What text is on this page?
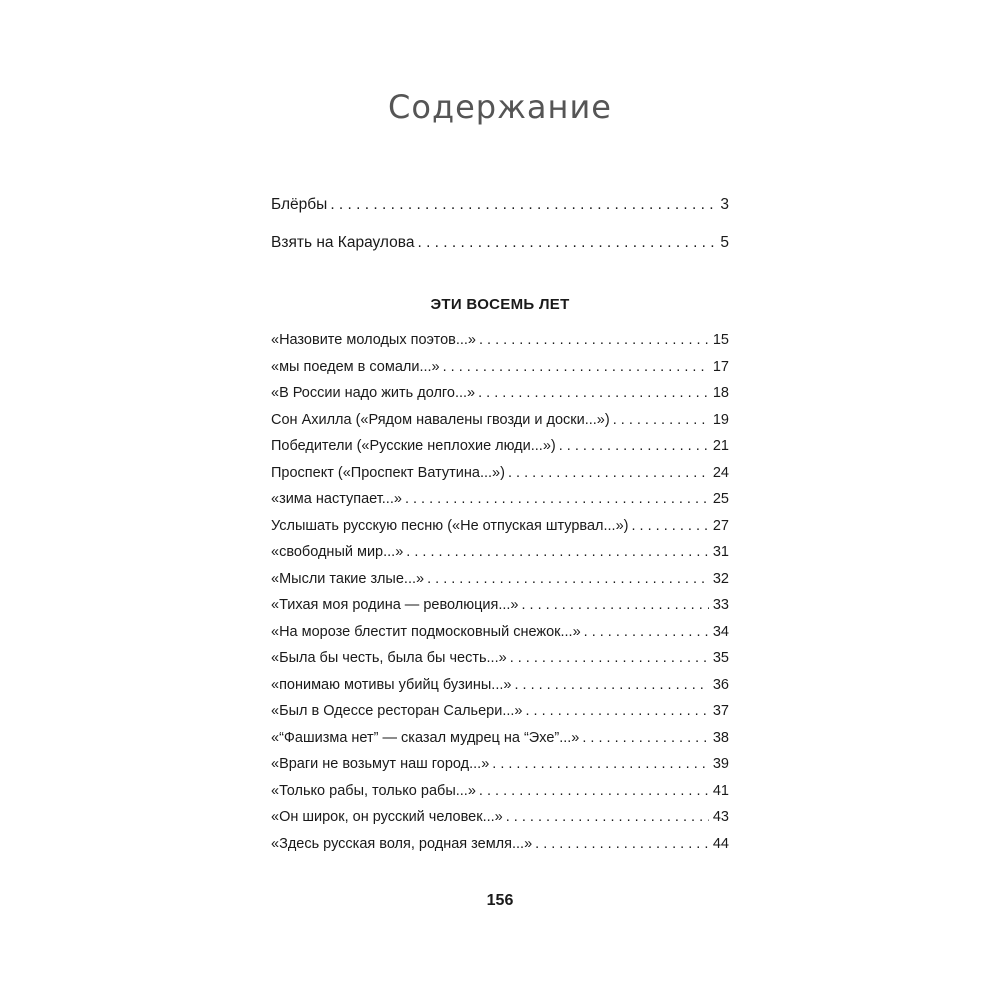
Содержание
Блёрбы . . .	3
Взять на Караулова . . .	5
ЭТИ ВОСЕМЬ ЛЕТ
«Назовите молодых поэтов...» . . .	15
«мы поедем в сомали...» . . .	17
«В России надо жить долго...» . . .	18
Сон Ахилла («Рядом навалены гвозди и доски...») . . .	19
Победители («Русские неплохие люди...») . . .	21
Проспект («Проспект Ватутина...») . . .	24
«зима наступает...» . . .	25
Услышать русскую песню («Не отпуская штурвал...») . . .	27
«свободный мир...» . . .	31
«Мысли такие злые...» . . .	32
«Тихая моя родина — революция...» . . .	33
«На морозе блестит подмосковный снежок...» . . .	34
«Была бы честь, была бы честь...» . . .	35
«понимаю мотивы убийц бузины...» . . .	36
«Был в Одессе ресторан Сальери...» . . .	37
«“Фашизма нет” — сказал мудрец на “Эхе”...» . . .	38
«Враги не возьмут наш город...» . . .	39
«Только рабы, только рабы...» . . .	41
«Он широк, он русский человек...» . . .	43
«Здесь русская воля, родная земля...» . . .	44
156
